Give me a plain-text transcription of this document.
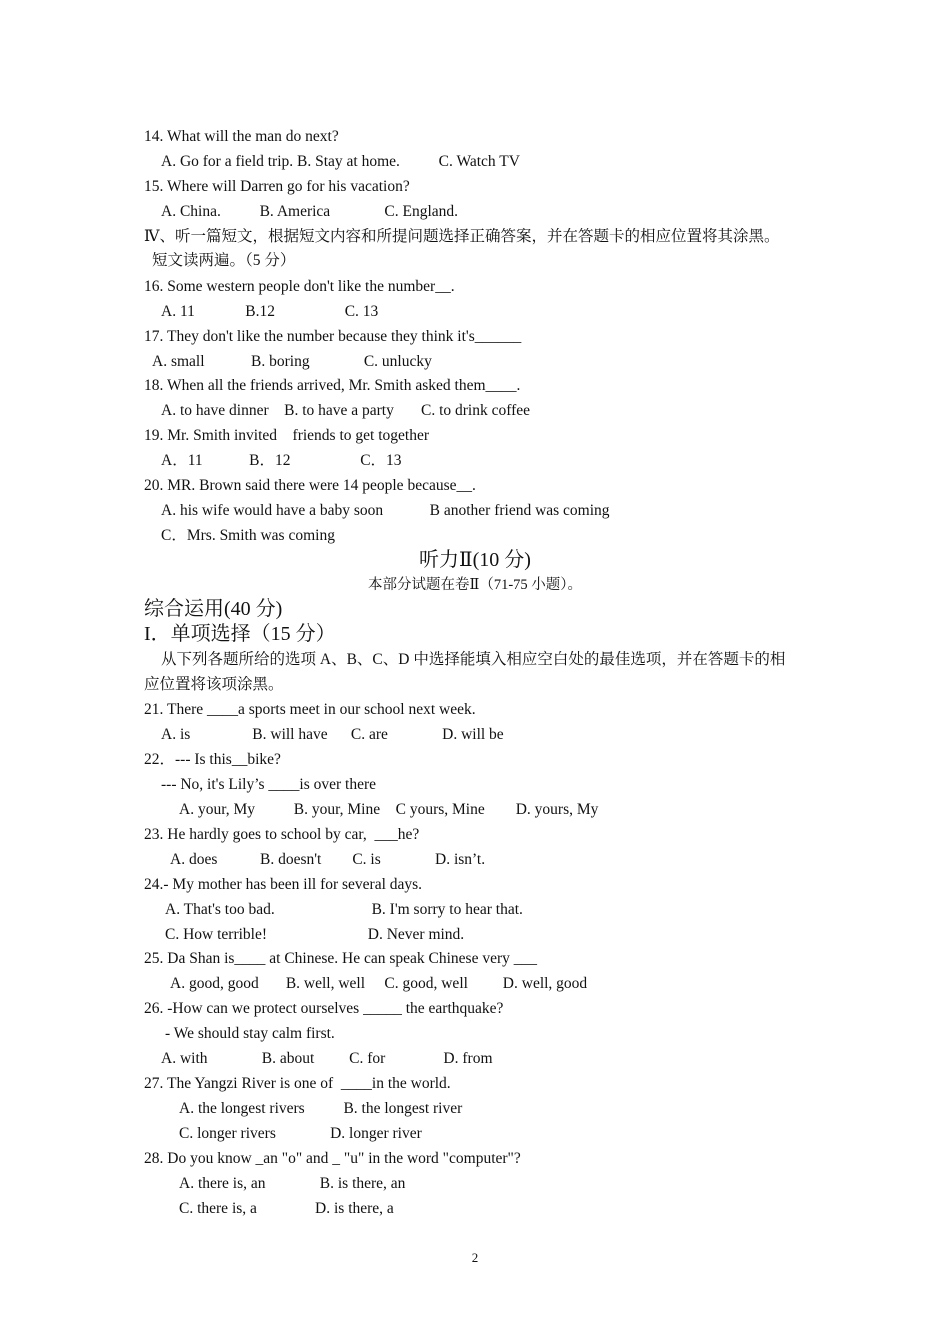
14. What will the man do next?
A. Go for a field trip. B. Stay at home.          C. Watch TV
15. Where will Darren go for his vacation?
A. China.          B. America              C. England.
Ⅳ、听一篇短文，根据短文内容和所提问题选择正确答案，并在答题卡的相应位置将其涂黑。
短文读两遍。（5 分）
16. Some western people don't like the number__.
A. 11             B.12                  C. 13
17. They don't like the number because they think it's______
A. small            B. boring              C. unlucky
18. When all the friends arrived, Mr. Smith asked them____.
A. to have dinner    B. to have a party       C. to drink coffee
19. Mr. Smith invited    friends to get together
A．11            B．12                  C．13
20. MR. Brown said there were 14 people because__.
A. his wife would have a baby soon            B another friend was coming
C．Mrs. Smith was coming
听力Ⅱ(10 分)
本部分试题在卷Ⅱ（71-75 小题）。
综合运用(40 分)
I．单项选择（15 分）
从下列各题所给的选项 A、B、C、D 中选择能填入相应空白处的最佳选项，并在答题卡的相
应位置将该项涂黑。
21. There ____a sports meet in our school next week.
A. is                B. will have      C. are              D. will be
22．--- Is this__bike?
--- No, it's Lily’s ____is over there
A. your, My          B. your, Mine    C yours, Mine        D. yours, My
23. He hardly goes to school by car,  ___he?
A. does           B. doesn't        C. is              D. isn’t.
24.- My mother has been ill for several days.
A. That's too bad.                         B. I'm sorry to hear that.
C. How terrible!                          D. Never mind.
25. Da Shan is____ at Chinese. He can speak Chinese very ___
A. good, good       B. well, well     C. good, well         D. well, good
26. -How can we protect ourselves _____ the earthquake?
- We should stay calm first.
A. with              B. about         C. for               D. from
27. The Yangzi River is one of  ____in the world.
A. the longest rivers          B. the longest river
C. longer rivers              D. longer river
28. Do you know _an "o" and _ "u" in the word "computer"?
A. there is, an              B. is there, an
C. there is, a               D. is there, a
2
